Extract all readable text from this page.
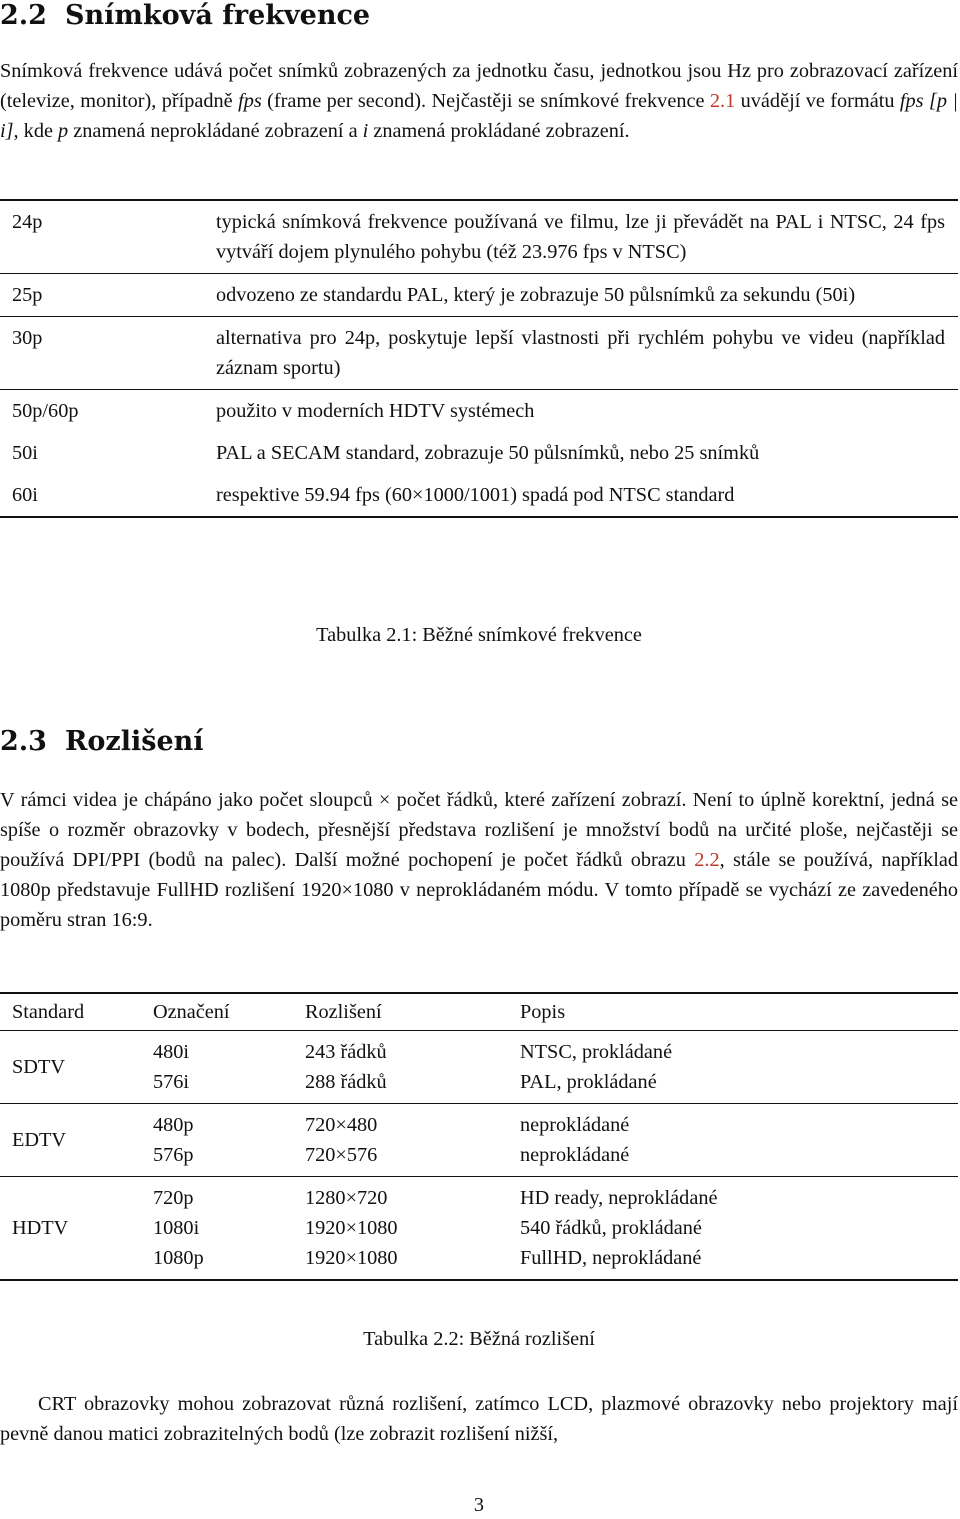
2.2 Snímková frekvence

Snímková frekvence udává počet snímků zobrazených za jednotku času, jednotkou jsou Hz pro zobrazovací zařízení (televize, monitor), případně fps (frame per second). Nejčastěji se snímkové frekvence 2.1 uvádějí ve formátu fps [p | i], kde p znamená neprokládané zobrazení a i znamená prokládané zobrazení.

24p	typická snímková frekvence používaná ve filmu, lze ji převádět na PAL i NTSC, 24 fps vytváří dojem plynulého pohybu (též 23.976 fps v NTSC)
25p	odvozeno ze standardu PAL, který je zobrazuje 50 půlsnímků za sekundu (50i)
30p	alternativa pro 24p, poskytuje lepší vlastnosti při rychlém pohybu ve videu (například záznam sportu)
50p/60p	použito v moderních HDTV systémech
50i	PAL a SECAM standard, zobrazuje 50 půlsnímků, nebo 25 snímků
60i	respektive 59.94 fps (60×1000/1001) spadá pod NTSC standard

Tabulka 2.1: Běžné snímkové frekvence

2.3 Rozlišení

V rámci videa je chápáno jako počet sloupců × počet řádků, které zařízení zobrazí. Není to úplně korektní, jedná se spíše o rozměr obrazovky v bodech, přesnější představa rozlišení je množství bodů na určité ploše, nejčastěji se používá DPI/PPI (bodů na palec). Další možné pochopení je počet řádků obrazu 2.2, stále se používá, například 1080p představuje FullHD rozlišení 1920×1080 v neprokládaném módu. V tomto případě se vychází ze zavedeného poměru stran 16:9.

Standard	Označení	Rozlišení	Popis
SDTV
480i	243 řádků	NTSC, prokládané
576i	288 řádků	PAL, prokládané
EDTV
480p	720×480	neprokládané
576p	720×576	neprokládané
HDTV
720p	1280×720	HD ready, neprokládané
1080i	1920×1080	540 řádků, prokládané
1080p	1920×1080	FullHD, neprokládané

Tabulka 2.2: Běžná rozlišení

CRT obrazovky mohou zobrazovat různá rozlišení, zatímco LCD, plazmové obrazovky nebo projektory mají pevně danou matici zobrazitelných bodů (lze zobrazit rozlišení nižší,

3
